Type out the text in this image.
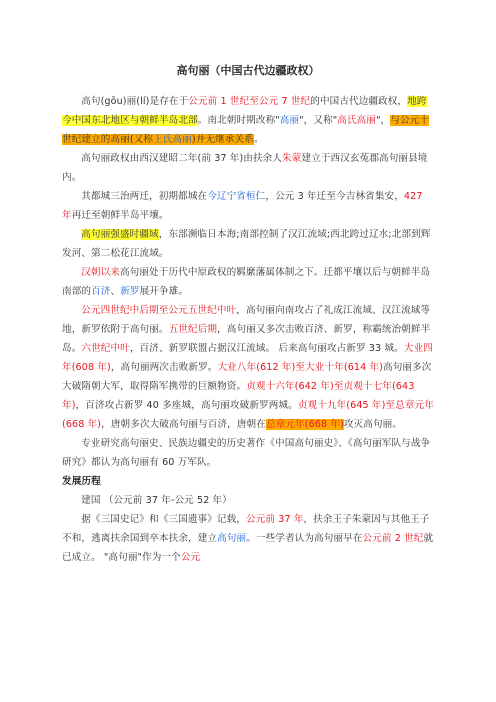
高句丽（中国古代边疆政权）

高句(gōu)丽(lí)是存在于公元前 1 世纪至公元 7 世纪的中国古代边疆政权，地跨今中国东北地区与朝鲜半岛北部。南北朝时期改称"高丽"，又称"高氏高丽"，与公元十世纪建立的高丽(又称王氏高丽)并无继承关系。

高句丽政权由西汉建昭二年(前 37 年)由扶余人朱蒙建立于西汉玄菟郡高句丽县境内。

其都城三治两迁，初期都城在今辽宁省桓仁，公元 3 年迁至今吉林省集安，427 年再迁至朝鲜半岛平壤。

高句丽强盛时疆域，东部濒临日本海;南部控制了汉江流域;西北跨过辽水;北部到辉发河、第二松花江流域。

汉朝以来高句丽处于历代中原政权的羁縻藩属体制之下。迁都平壤以后与朝鲜半岛南部的百济、新罗展开争雄。

公元四世纪中后期至公元五世纪中叶，高句丽向南攻占了礼成江流域、汉江流域等地，新罗依附于高句丽。五世纪后期，高句丽又多次击败百济、新罗，称霸统治朝鲜半岛。六世纪中叶，百济、新罗联盟占据汉江流域。 后来高句丽攻占新罗 33 城。大业四年(608 年)，高句丽两次击败新罗。大业八年(612 年)至大业十年(614 年)高句丽多次大破隋朝大军，取得隋军携带的巨额物资。贞观十六年(642 年)至贞观十七年(643 年)，百济攻占新罗 40 多座城，高句丽攻破新罗两城。贞观十九年(645 年)至总章元年(668 年)，唐朝多次大破高句丽与百济，唐朝在总章元年(668 年)攻灭高句丽。

专业研究高句丽史、民族边疆史的历史著作《中国高句丽史》、《高句丽军队与战争研究》都认为高句丽有 60 万军队。

发展历程

建国 （公元前 37 年-公元 52 年）

据《三国史记》和《三国遗事》记载，公元前 37 年，扶余王子朱蒙因与其他王子不和，逃离扶余国到卒本扶余，建立高句丽。一些学者认为高句丽早在公元前 2 世纪就已成立。 "高句丽"作为一个公元
